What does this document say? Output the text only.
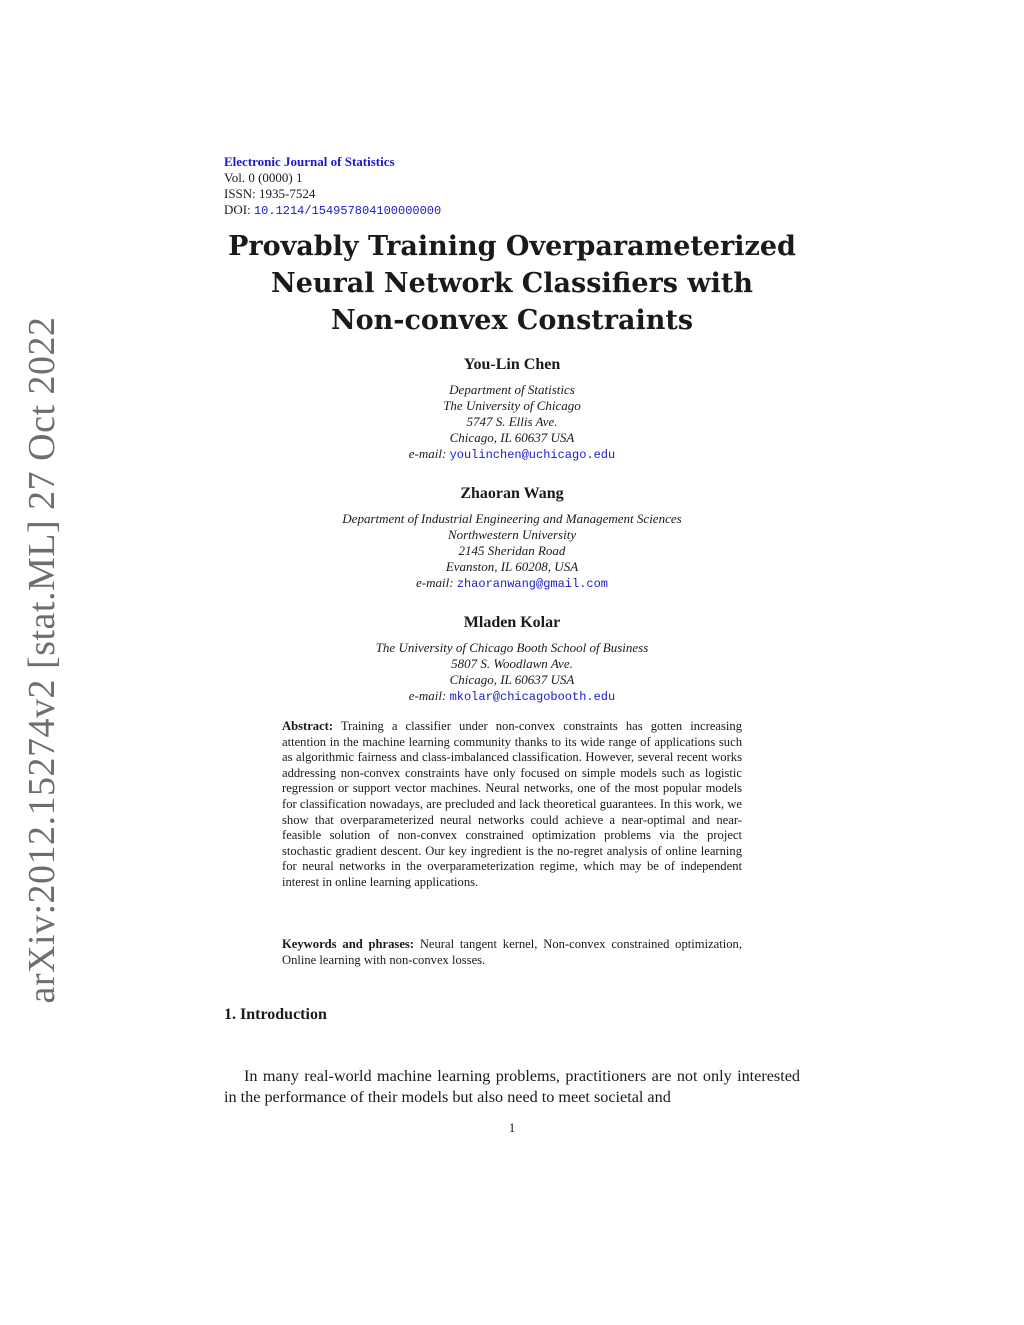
arXiv:2012.15274v2 [stat.ML] 27 Oct 2022
Electronic Journal of Statistics
Vol. 0 (0000) 1
ISSN: 1935-7524
DOI: 10.1214/154957804100000000
Provably Training Overparameterized
Neural Network Classifiers with
Non-convex Constraints
You-Lin Chen
Department of Statistics
The University of Chicago
5747 S. Ellis Ave.
Chicago, IL 60637 USA
e-mail: youlinchen@uchicago.edu
Zhaoran Wang
Department of Industrial Engineering and Management Sciences
Northwestern University
2145 Sheridan Road
Evanston, IL 60208, USA
e-mail: zhaoranwang@gmail.com
Mladen Kolar
The University of Chicago Booth School of Business
5807 S. Woodlawn Ave.
Chicago, IL 60637 USA
e-mail: mkolar@chicagobooth.edu
Abstract: Training a classifier under non-convex constraints has gotten increasing attention in the machine learning community thanks to its wide range of applications such as algorithmic fairness and class-imbalanced classification. However, several recent works addressing non-convex constraints have only focused on simple models such as logistic regression or support vector machines. Neural networks, one of the most popular models for classification nowadays, are precluded and lack theoretical guarantees. In this work, we show that overparameterized neural networks could achieve a near-optimal and near-feasible solution of non-convex constrained optimization problems via the project stochastic gradient descent. Our key ingredient is the no-regret analysis of online learning for neural networks in the overparameterization regime, which may be of independent interest in online learning applications.
Keywords and phrases: Neural tangent kernel, Non-convex constrained optimization, Online learning with non-convex losses.
1. Introduction
In many real-world machine learning problems, practitioners are not only interested in the performance of their models but also need to meet societal and
1
